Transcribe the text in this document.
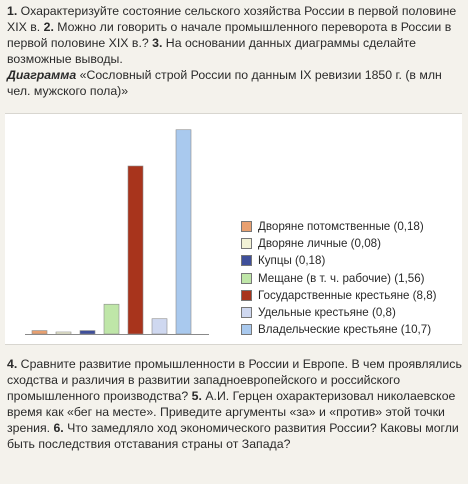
1. Охарактеризуйте состояние сельского хозяйства России в первой половине XIX в. 2. Можно ли говорить о начале промышленного переворота в России в первой половине XIX в.? 3. На основании данных диаграммы сделайте возможные выводы.
Диаграмма «Сословный строй России по данным IX ревизии 1850 г. (в млн чел. мужского пола)»
Дворяне потомственные (0,18)
Дворяне личные (0,08)
Купцы (0,18)
Мещане (в т. ч. рабочие) (1,56)
Государственные крестьяне (8,8)
Удельные крестьяне (0,8)
Владельческие крестьяне (10,7)
4. Сравните развитие промышленности в России и Европе. В чем проявлялись сходства и различия в развитии западноевропейского и российского промышленного производства? 5. А.И. Герцен охарактеризовал николаевское время как «бег на месте». Приведите аргументы «за» и «против» этой точки зрения. 6. Что замедляло ход экономического развития России? Каковы могли быть последствия отставания страны от Запада?
